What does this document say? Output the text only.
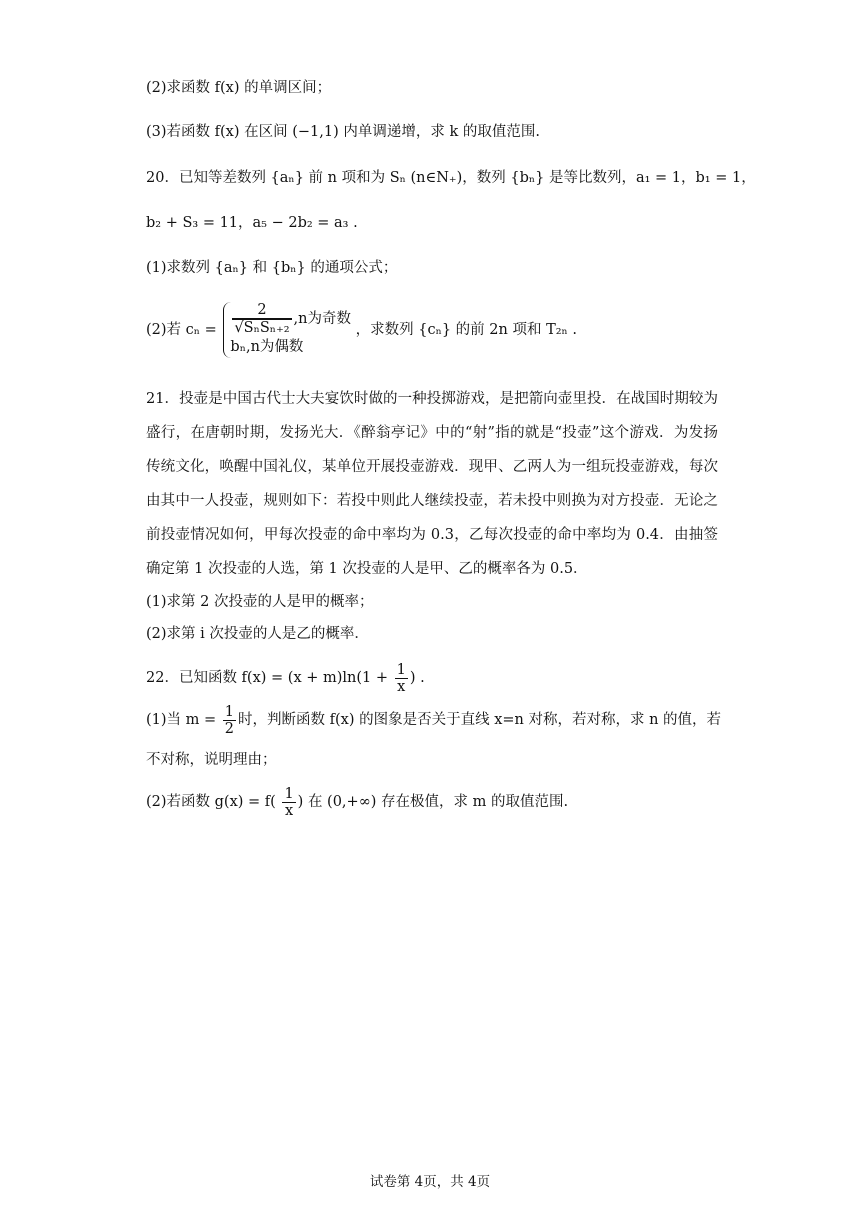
(2)求函数 f(x) 的单调区间；
(3)若函数 f(x) 在区间 (−1,1) 内单调递增，求 k 的取值范围.
20．已知等差数列 {aₙ} 前 n 项和为 Sₙ (n∈N₊)，数列 {bₙ} 是等比数列，a₁ = 1，b₁ = 1，
b₂ + S₃ = 11，a₅ − 2b₂ = a₃ .
(1)求数列 {aₙ} 和 {bₙ} 的通项公式；
(2)若 $c_n = \frac{2}{\text{√SₙSₙ₊₂}} ,n$为奇数
bₙ,n为偶数
，求数列 {cₙ} 的前 2n 项和 T₂ₙ .
21．投壶是中国古代士大夫宴饮时做的一种投掷游戏，是把箭向壶里投．在战国时期较为盛行，在唐朝时期，发扬光大．《醉翁亭记》中的“射”指的就是“投壶”这个游戏．为发扬传统文化，唤醒中国礼仪，某单位开展投壶游戏．现甲、乙两人为一组玩投壶游戏，每次由其中一人投壶，规则如下：若投中则此人继续投壶，若未投中则换为对方投壶．无论之前投壶情况如何，甲每次投壶的命中率均为 0.3，乙每次投壶的命中率均为 0.4．由抽签确定第 1 次投壶的人选，第 1 次投壶的人是甲、乙的概率各为 0.5．
(1)求第 2 次投壶的人是甲的概率；
(2)求第 i 次投壶的人是乙的概率．
22．已知函数 $f(x) = (x + m)\ln(1 + \frac{1}{x}$ ) .
(1)当 $m = \frac{1}{2}$ 时，判断函数 f(x) 的图象是否关于直线 x=n 对称，若对称，求 n 的值，若
不对称，说明理由；
(2)若函数 $g(x) = f( \frac{1}{x}$ ) 在 (0,+∞) 存在极值，求 m 的取值范围.
试卷第 4页，共 4页
